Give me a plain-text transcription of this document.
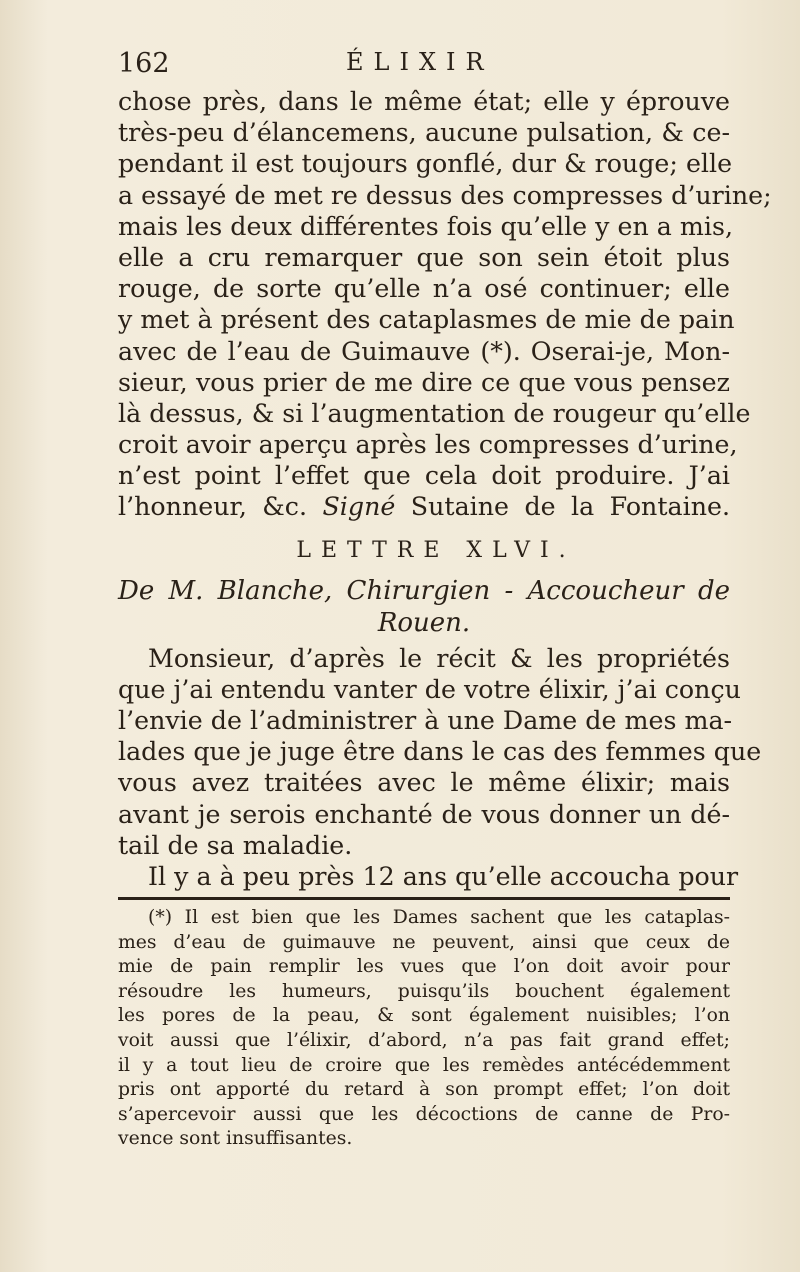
162	ÉLIXIR
chose près, dans le même état; elle y éprouve
très-peu d’élancemens, aucune pulsation, & ce-
pendant il est toujours gonflé, dur & rouge; elle
a essayé de met re dessus des compresses d’urine;
mais les deux différentes fois qu’elle y en a mis,
elle a cru remarquer que son sein étoit plus
rouge, de sorte qu’elle n’a osé continuer; elle
y met à présent des cataplasmes de mie de pain
avec de l’eau de Guimauve (*). Oserai-je, Mon-
sieur, vous prier de me dire ce que vous pensez
là dessus, & si l’augmentation de rougeur qu’elle
croit avoir aperçu après les compresses d’urine,
n’est point l’effet que cela doit produire. J’ai
l’honneur, &c. Signé Sutaine de la Fontaine.
LETTRE XLVI.
De M. Blanche, Chirurgien - Accoucheur de
Rouen.
Monsieur, d’après le récit & les propriétés
que j’ai entendu vanter de votre élixir, j’ai conçu
l’envie de l’administrer à une Dame de mes ma-
lades que je juge être dans le cas des femmes que
vous avez traitées avec le même élixir; mais
avant je serois enchanté de vous donner un dé-
tail de sa maladie.
Il y a à peu près 12 ans qu’elle accoucha pour
(*) Il est bien que les Dames sachent que les cataplas-
mes d’eau de guimauve ne peuvent, ainsi que ceux de
mie de pain remplir les vues que l’on doit avoir pour
résoudre les humeurs, puisqu’ils bouchent également
les pores de la peau, & sont également nuisibles; l’on
voit aussi que l’élixir, d’abord, n’a pas fait grand effet;
il y a tout lieu de croire que les remèdes antécédemment
pris ont apporté du retard à son prompt effet; l’on doit
s’apercevoir aussi que les décoctions de canne de Pro-
vence sont insuffisantes.
